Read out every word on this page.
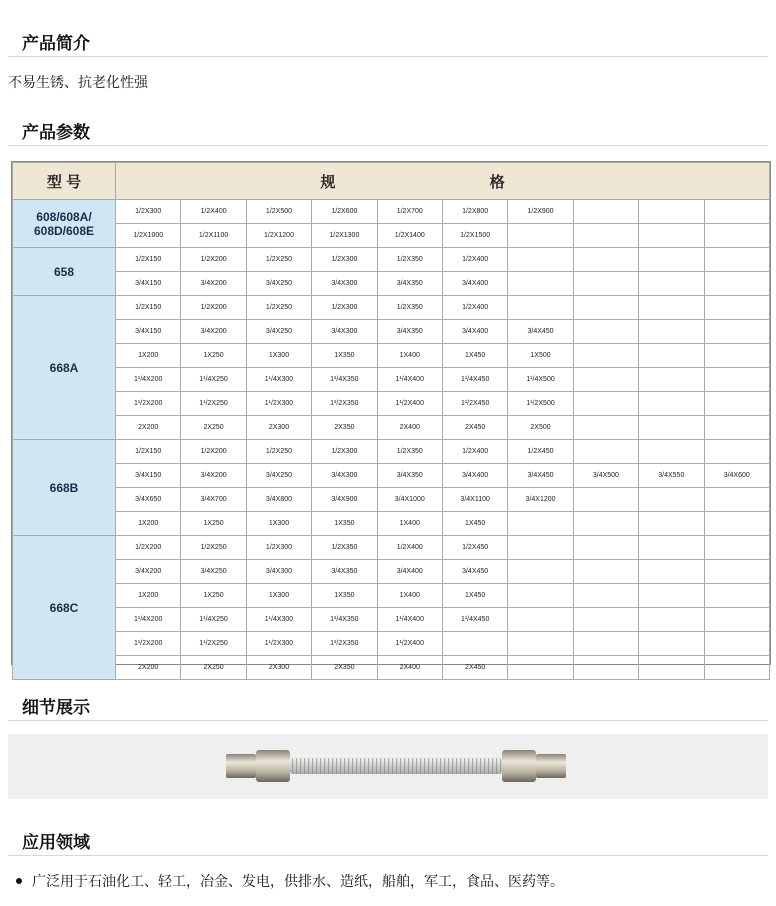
产品简介
不易生锈、抗老化性强
产品参数
型 号	规 格									
608/608A/ 608D/608E	1/2X300	1/2X400	1/2X500	1/2X600	1/2X700	1/2X800	1/2X900			
	1/2X1000	1/2X1100	1/2X1200	1/2X1300	1/2X1400	1/2X1500				
658	1/2X150	1/2X200	1/2X250	1/2X300	1/2X350	1/2X400				
	3/4X150	3/4X200	3/4X250	3/4X300	3/4X350	3/4X400				
668A	1/2X150	1/2X200	1/2X250	1/2X300	1/2X350	1/2X400				
	3/4X150	3/4X200	3/4X250	3/4X300	3/4X350	3/4X400	3/4X450			
	1X200	1X250	1X300	1X350	1X400	1X450	1X500			
	1¹/4X200	1¹/4X250	1¹/4X300	1¹/4X350	1¹/4X400	1¹/4X450	1¹/4X500			
	1¹/2X200	1¹/2X250	1¹/2X300	1¹/2X350	1¹/2X400	1¹/2X450	1¹/2X500			
	2X200	2X250	2X300	2X350	2X400	2X450	2X500			
668B	1/2X150	1/2X200	1/2X250	1/2X300	1/2X350	1/2X400	1/2X450			
	3/4X150	3/4X200	3/4X250	3/4X300	3/4X350	3/4X400	3/4X450	3/4X500	3/4X550	3/4X600
	3/4X650	3/4X700	3/4X800	3/4X900	3/4X1000	3/4X1100	3/4X1200			
	1X200	1X250	1X300	1X350	1X400	1X450				
668C	1/2X200	1/2X250	1/2X300	1/2X350	1/2X400	1/2X450				
	3/4X200	3/4X250	3/4X300	3/4X350	3/4X400	3/4X450				
	1X200	1X250	1X300	1X350	1X400	1X450				
	1¹/4X200	1¹/4X250	1¹/4X300	1¹/4X350	1¹/4X400	1¹/4X450				
	1¹/2X200	1¹/2X250	1¹/2X300	1¹/2X350	1¹/2X400					
	2X200	2X250	2X300	2X350	2X400	2X450				
细节展示
应用领域
广泛用于石油化工、轻工，冶金、发电，供排水、造纸，船舶，军工，食品、医药等。
